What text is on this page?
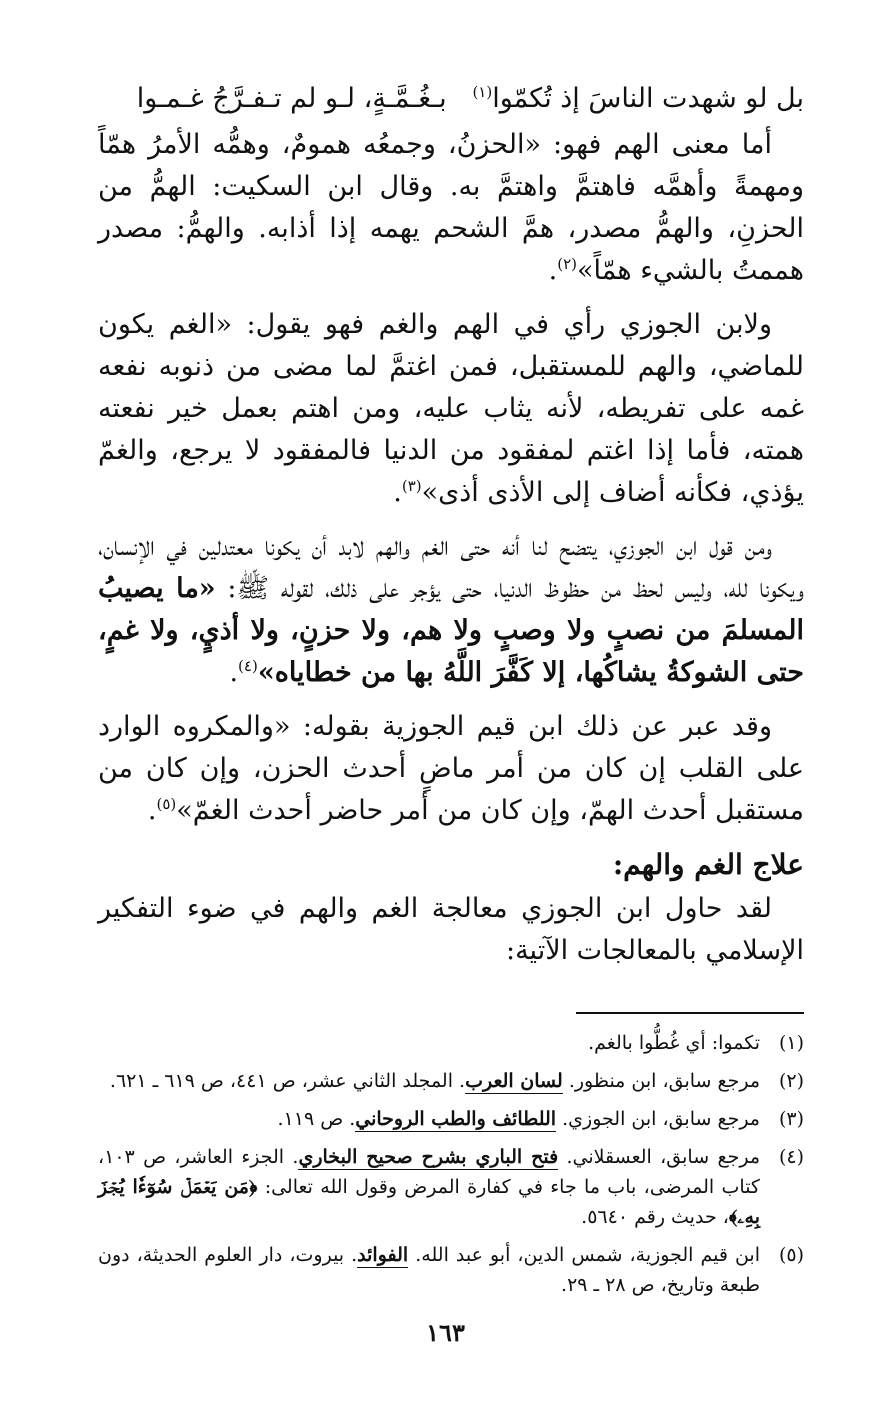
بل لو شهدت الناسَ إذ تُكمّوا$^{(١)}$   بـغُـمَّـةٍ، لـو لم تـفـرَّجُ غـمـوا

أما معنى الهم فهو: «الحزنُ، وجمعُه همومٌ، وهمُّه الأمرُ همّاً ومهمةً وأهمَّه فاهتمَّ واهتمَّ به. وقال ابن السكيت: الهمُّ من الحزنِ، والهمُّ مصدر، همَّ الشحم يهمه إذا أذابه. والهمُّ: مصدر هممتُ بالشيء همّاً»$^{(٢)}$.

ولابن الجوزي رأي في الهم والغم فهو يقول: «الغم يكون للماضي، والهم للمستقبل، فمن اغتمَّ لما مضى من ذنوبه نفعه غمه على تفريطه، لأنه يثاب عليه، ومن اهتم بعمل خير نفعته همته، فأما إذا اغتم لمفقود من الدنيا فالمفقود لا يرجع، والغمّ يؤذي، فكأنه أضاف إلى الأذى أذى»$^{(٣)}$.

ومن قول ابن الجوزي، يتضح لنا أنه حتى الغم والهم لابد أن يكونا معتدلين في الإنسان، ويكونا لله، وليس لحظ من حظوظ الدنيا، حتى يؤجر على ذلك، لقوله ﷺ: «ما يصيبُ المسلمَ من نصبٍ ولا وصبٍ ولا هم، ولا حزنٍ، ولا أذيٍ، ولا غمٍ، حتى الشوكةُ يشاكُها، إلا كَفَّرَ اللَّهُ بها من خطاياه»$^{(٤)}$.

وقد عبر عن ذلك ابن قيم الجوزية بقوله: «والمكروه الوارد على القلب إن كان من أمر ماضٍ أحدث الحزن، وإن كان من مستقبل أحدث الهمّ، وإن كان من أمر حاضر أحدث الغمّ»$^{(٥)}$.

علاج الغم والهم:

لقد حاول ابن الجوزي معالجة الغم والهم في ضوء التفكير الإسلامي بالمعالجات الآتية:

(١)
تكموا: أي غُطُّوا بالغم.
(٢)
مرجع سابق، ابن منظور. لسان العرب. المجلد الثاني عشر، ص ٤٤١، ص ٦١٩ ـ ٦٢١.
(٣)
مرجع سابق، ابن الجوزي. اللطائف والطب الروحاني. ص ١١٩.
(٤)
مرجع سابق، العسقلاني. فتح الباري بشرح صحيح البخاري. الجزء العاشر، ص ١٠٣، كتاب المرضى، باب ما جاء في كفارة المرض وقول الله تعالى: ﴿مَن يَعۡمَلۡ سُوٓءٗا يُجۡزَ بِهِۦ﴾، حديث رقم ٥٦٤٠.
(٥)
ابن قيم الجوزية، شمس الدين، أبو عبد الله. الفوائد. بيروت، دار العلوم الحديثة، دون طبعة وتاريخ، ص ٢٨ ـ ٢٩.
١٦٣
